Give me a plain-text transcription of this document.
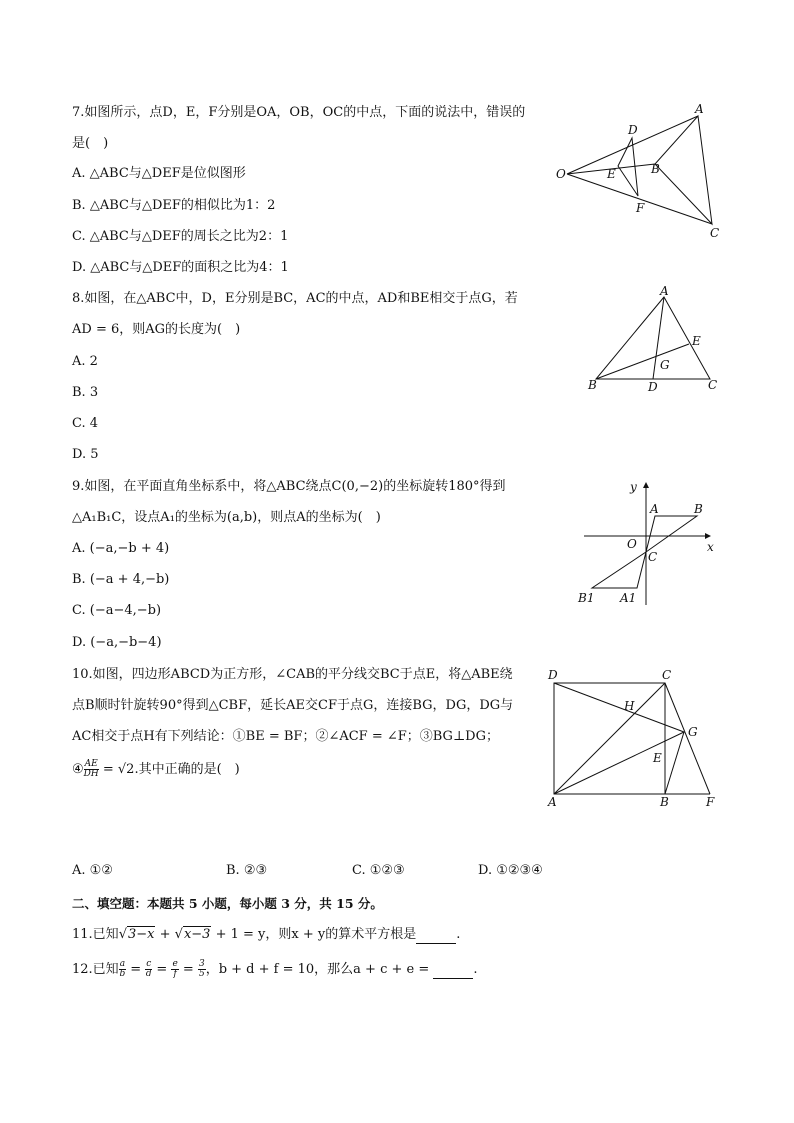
7.如图所示，点D，E，F分别是OA，OB，OC的中点，下面的说法中，错误的
是(　)
A. △ABC与△DEF是位似图形
B. △ABC与△DEF的相似比为1：2
C. △ABC与△DEF的周长之比为2：1
D. △ABC与△DEF的面积之比为4：1
O
D
E
F
A
B
C
8.如图，在△ABC中，D，E分别是BC，AC的中点，AD和BE相交于点G，若
AD = 6，则AG的长度为(　)
A. 2
B. 3
C. 4
D. 5
A
E
G
B	D	C
9.如图，在平面直角坐标系中，将△ABC绕点C(0,−2)的坐标旋转180°得到
△A₁B₁C，设点A₁的坐标为(a,b)，则点A的坐标为(　)
A. (−a,−b + 4)
B. (−a + 4,−b)
C. (−a−4,−b)
D. (−a,−b−4)
y
A	B
O	x
C
B1 A1
10.如图，四边形ABCD为正方形，∠CAB的平分线交BC于点E，将△ABE绕
点B顺时针旋转90°得到△CBF，延长AE交CF于点G，连接BG，DG，DG与
AC相交于点H有下列结论：①BE = BF；②∠ACF = ∠F；③BG⊥DG；
④ $\frac{AE}{DH} = √2$.其中正确的是(　)
D	C
H
G
E
A	B	F
A. ①②	B. ②③	C. ①②③	D. ①②③④
二、填空题：本题共 5 小题，每小题 3 分，共 15 分。
11.已知√3−x + √x−3 + 1 = y，则x + y的算术平方根是	.
12.已知 $\frac{a}{b} = \frac{c}{d} = \frac{e}{f} = \frac{3}{5}$ ，b + d + f = 10，那么a + c + e =	.
